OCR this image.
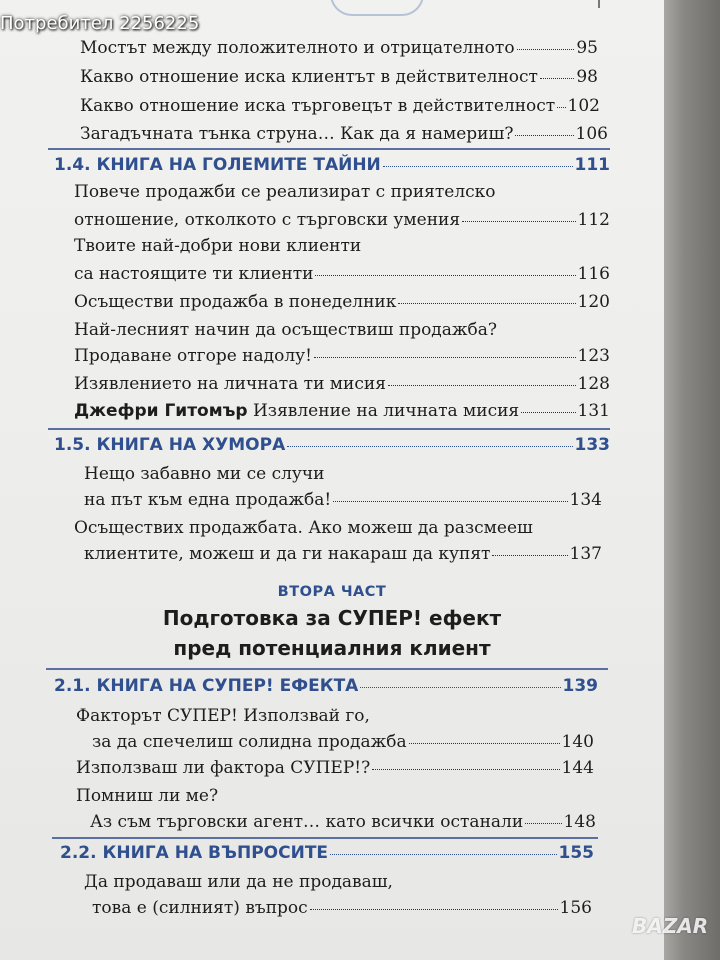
Мостът между положителното и отрицателното	95
Какво отношение иска клиентът в действителност 98
Какво отношение иска търговецът в действителност 102
Загадъчната тънка струна… Как да я намериш?	106
1.4. КНИГА НА ГОЛЕМИТЕ ТАЙНИ	111
Повече продажби се реализират с приятелско
отношение, отколкото с търговски умения	112
Твоите най-добри нови клиенти
са настоящите ти клиенти	116
Осъществи продажба в понеделник	120
Най-лесният начин да осъществиш продажба?
Продаване отгоре надолу!	123
Изявлението на личната ти мисия	128
Джефри Гитомър Изявление на личната мисия	131
1.5. КНИГА НА ХУМОРА	133
Нещо забавно ми се случи
на път към една продажба!	134
Осъществих продажбата. Ако можеш да разсмееш
клиентите, можеш и да ги накараш да купят	137
ВТОРА ЧАСТ
Подготовка за СУПЕР! ефект
пред потенциалния клиент
2.1. КНИГА НА СУПЕР! ЕФЕКТА	139
Факторът СУПЕР! Използвай го,
за да спечелиш солидна продажба	140
Използваш ли фактора СУПЕР!?	144
Помниш ли ме?
Аз съм търговски агент… като всички останали 148
2.2. КНИГА НА ВЪПРОСИТЕ	155
Да продаваш или да не продаваш,
това е (силният) въпрос	156
Потребител 2256225
BAZAR
